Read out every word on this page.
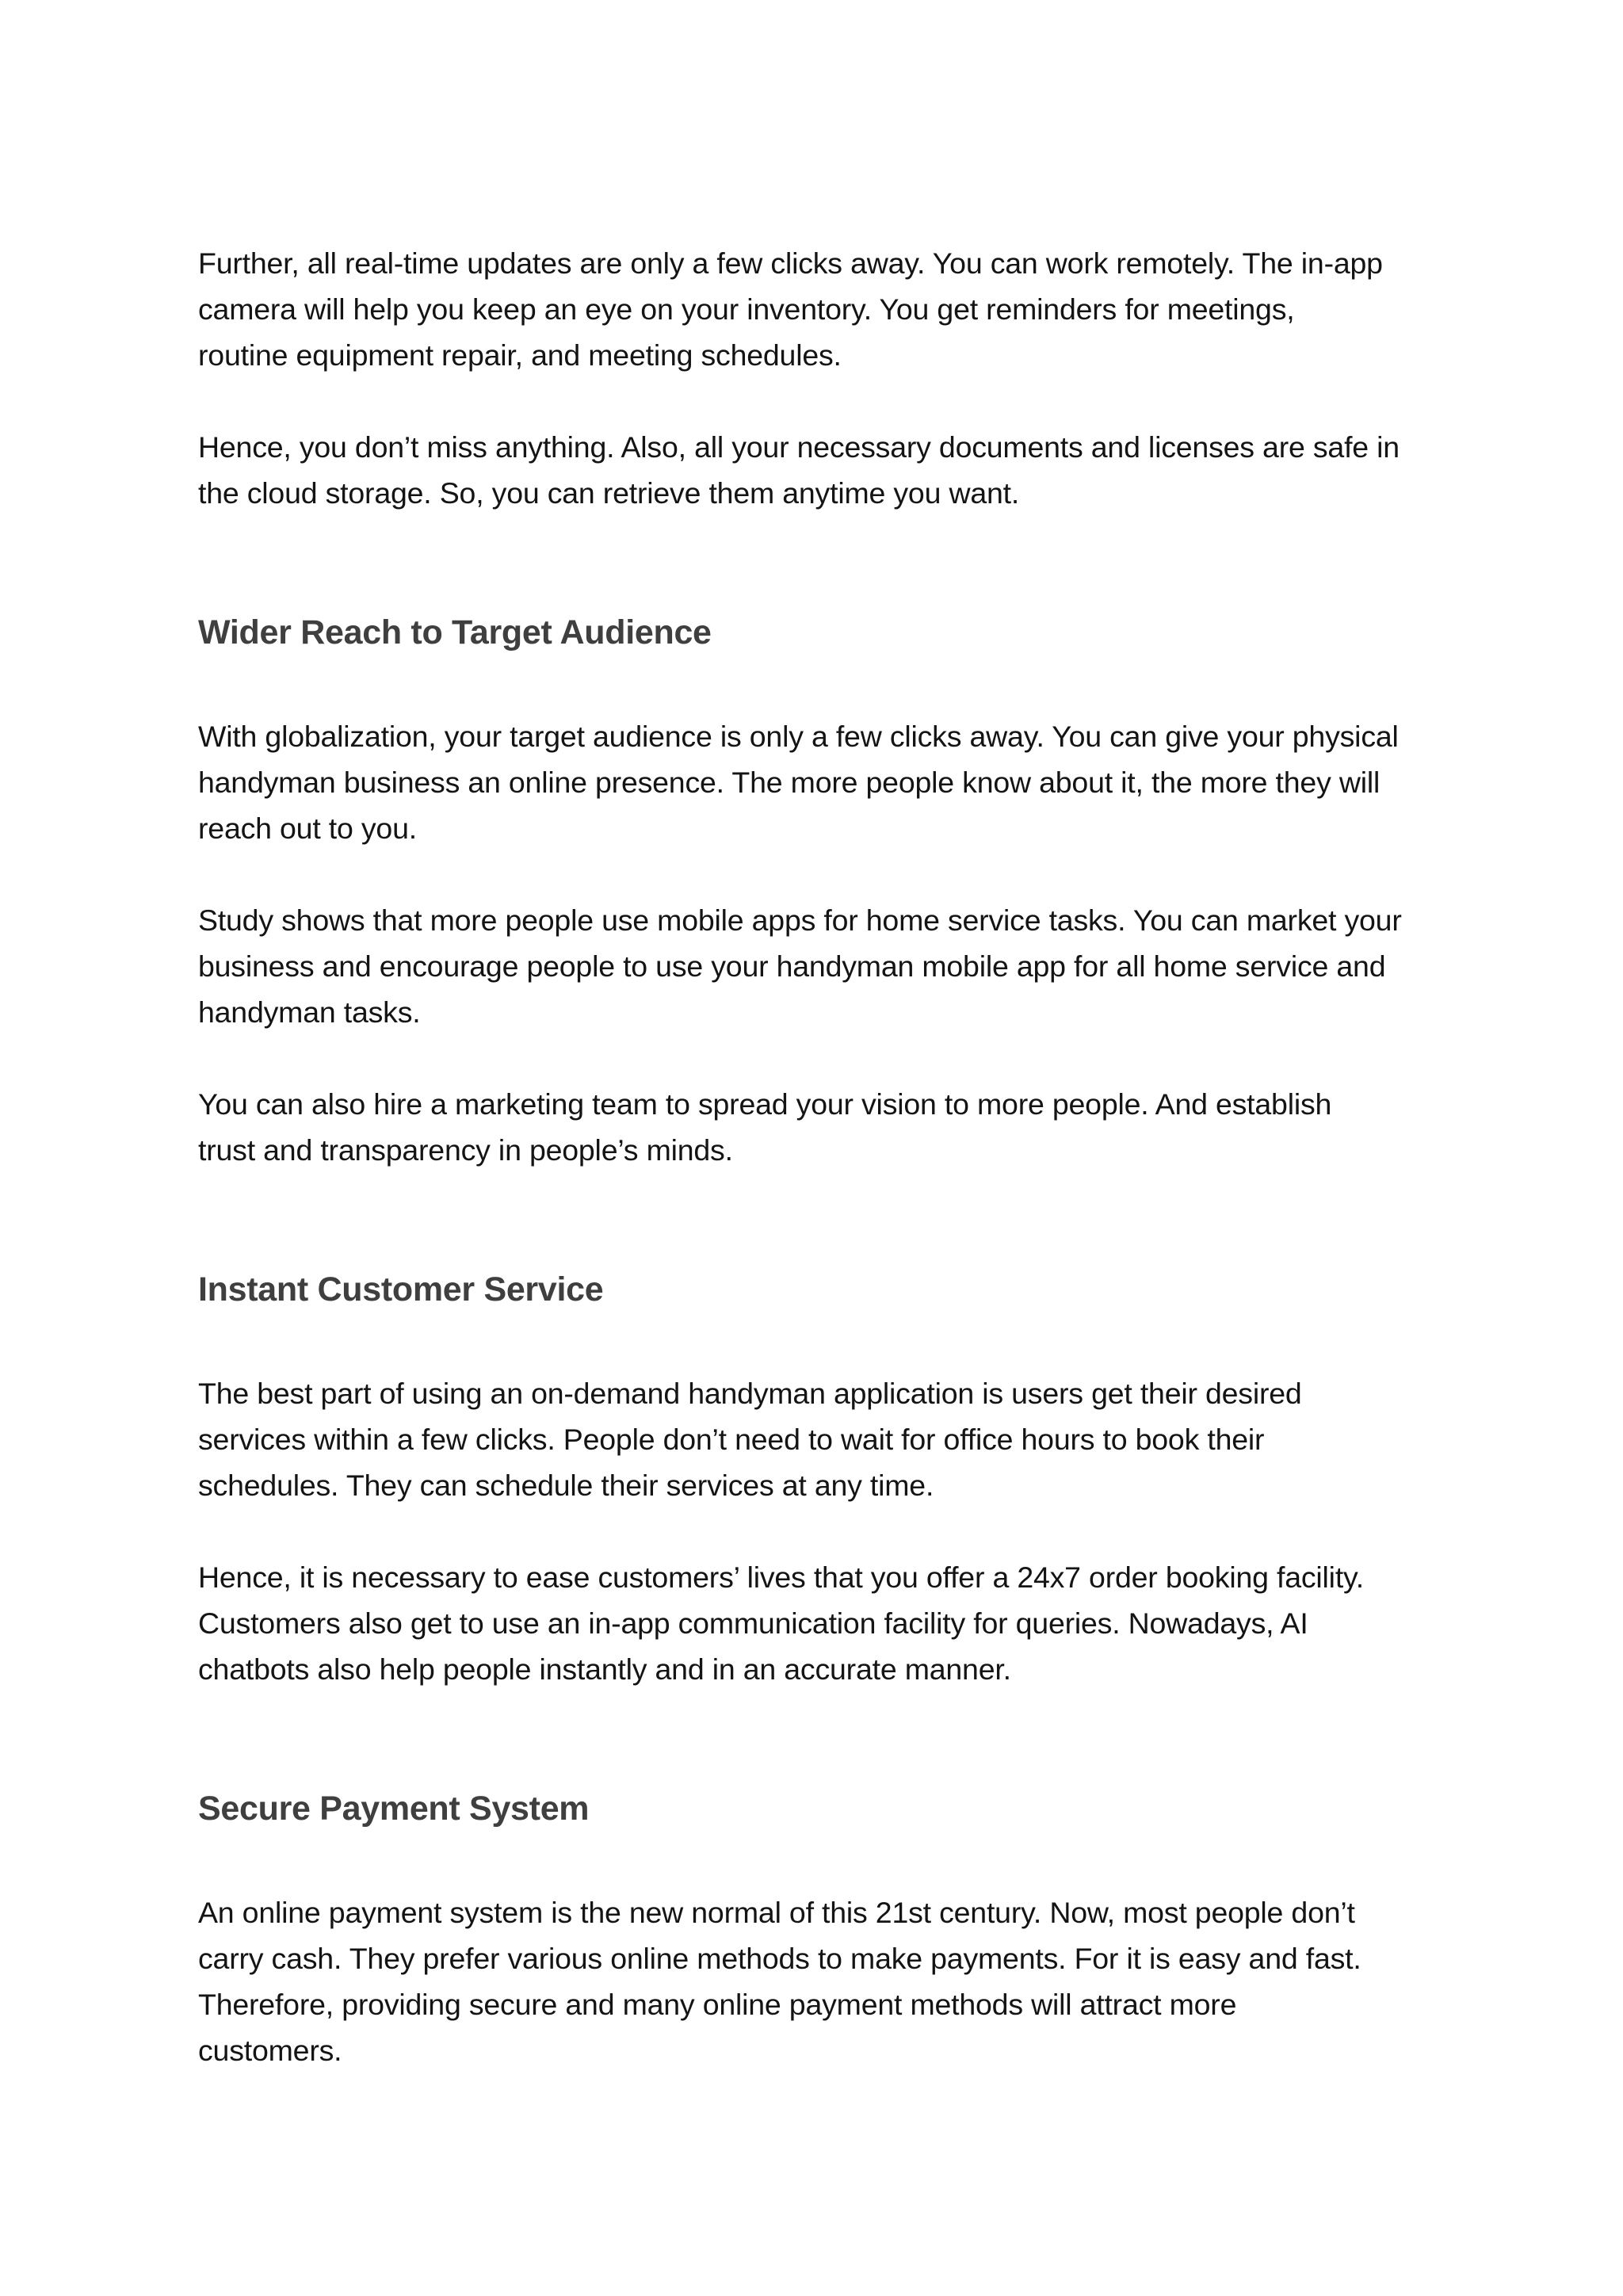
Further, all real-time updates are only a few clicks away. You can work remotely. The in-app
camera will help you keep an eye on your inventory. You get reminders for meetings,
routine equipment repair, and meeting schedules.

Hence, you don’t miss anything. Also, all your necessary documents and licenses are safe in
the cloud storage. So, you can retrieve them anytime you want.

Wider Reach to Target Audience

With globalization, your target audience is only a few clicks away. You can give your physical
handyman business an online presence. The more people know about it, the more they will
reach out to you.

Study shows that more people use mobile apps for home service tasks. You can market your
business and encourage people to use your handyman mobile app for all home service and
handyman tasks.

You can also hire a marketing team to spread your vision to more people. And establish
trust and transparency in people’s minds.

Instant Customer Service

The best part of using an on-demand handyman application is users get their desired
services within a few clicks. People don’t need to wait for office hours to book their
schedules. They can schedule their services at any time.

Hence, it is necessary to ease customers’ lives that you offer a 24x7 order booking facility.
Customers also get to use an in-app communication facility for queries. Nowadays, AI
chatbots also help people instantly and in an accurate manner.

Secure Payment System

An online payment system is the new normal of this 21st century. Now, most people don’t
carry cash. They prefer various online methods to make payments. For it is easy and fast.
Therefore, providing secure and many online payment methods will attract more
customers.
